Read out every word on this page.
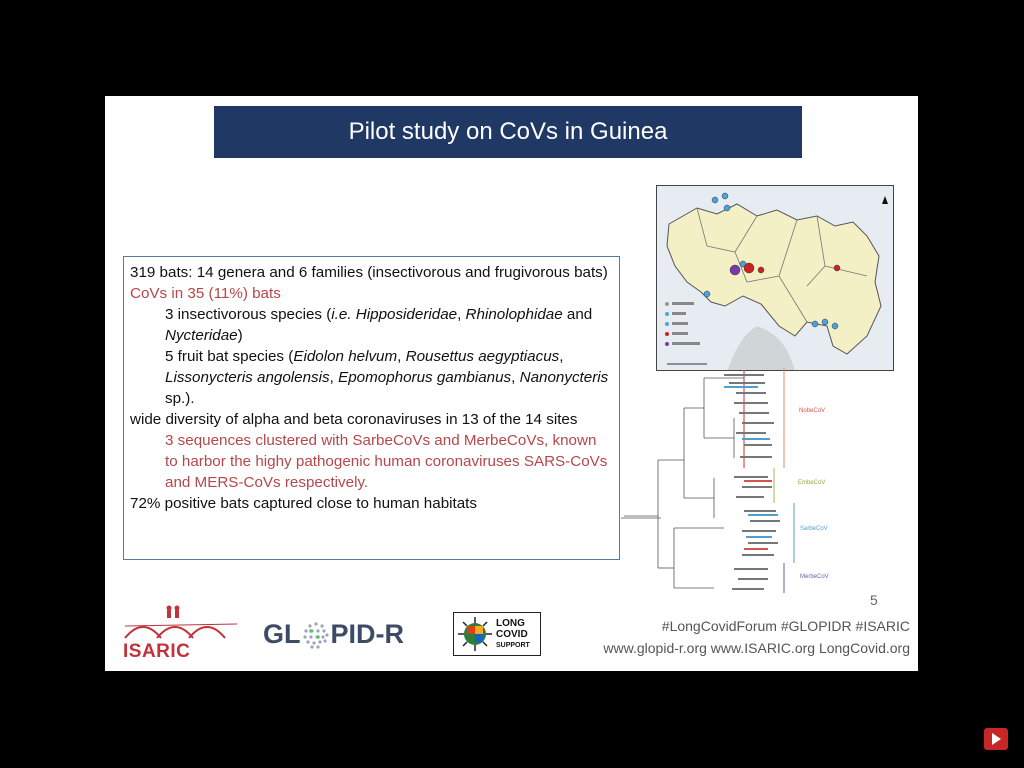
Pilot study on CoVs in Guinea

319 bats: 14 genera and 6 families (insectivorous and frugivorous bats)

CoVs in 35 (11%) bats

3 insectivorous species (i.e. Hipposideridae, Rhinolophidae and Nycteridae)

5 fruit bat species (Eidolon helvum, Rousettus aegyptiacus, Lissonycteris angolensis, Epomophorus gambianus, Nanonycteris sp.).

wide diversity of alpha and beta coronaviruses in 13 of the 14 sites

3 sequences clustered with SarbeCoVs and MerbeCoVs, known to harbor the highy pathogenic human coronaviruses SARS-CoVs and MERS-CoVs respectively.

72% positive bats captured close to human habitats

NobeCoV
EmbeCoV
SarbeCoV
MerbeCoV
5
ISARIC
GL PID-R	LONG
COVID
SUPPORT
#LongCovidForum #GLOPIDR #ISARIC
www.glopid-r.org www.ISARIC.org LongCovid.org
